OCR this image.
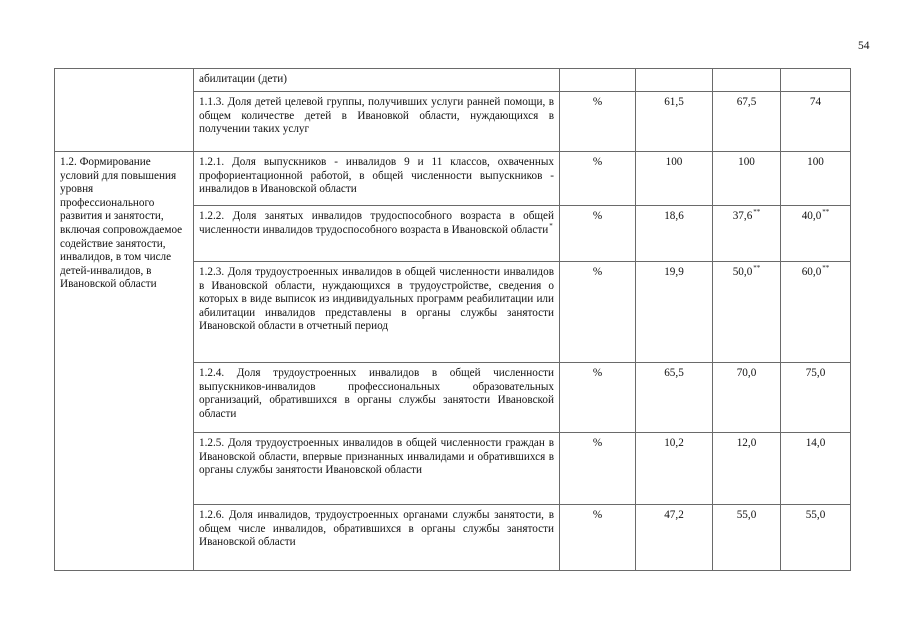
54
	абилитации (дети)				
	1.1.3. Доля детей целевой группы, получивших услуги ранней помощи, в общем количестве детей в Ивановкой области, нуждающихся в получении таких услуг	%	61,5	67,5	74
1.2. Формирование условий для повышения уровня профессионального развития и занятости, включая сопровождаемое содействие занятости, инвалидов, в том числе детей-инвалидов, в Ивановской области	1.2.1. Доля выпускников - инвалидов 9 и 11 классов, охваченных профориентационной работой, в общей численности выпускников - инвалидов в Ивановской области	%	100	100	100
	1.2.2. Доля занятых инвалидов трудоспособного возраста в общей численности инвалидов трудоспособного возраста в Ивановской области*	%	18,6	37,6**	40,0**
	1.2.3. Доля трудоустроенных инвалидов в общей численности инвалидов в Ивановской области, нуждающихся в трудоустройстве, сведения о которых в виде выписок из индивидуальных программ реабилитации или абилитации инвалидов представлены в органы службы занятости Ивановской области в отчетный период	%	19,9	50,0**	60,0**
	1.2.4. Доля трудоустроенных инвалидов в общей численности выпускников-инвалидов профессиональных образовательных организаций, обратившихся в органы службы занятости Ивановской области	%	65,5	70,0	75,0
	1.2.5. Доля трудоустроенных инвалидов в общей численности граждан в Ивановской области, впервые признанных инвалидами и обратившихся в органы службы занятости Ивановской области	%	10,2	12,0	14,0
	1.2.6. Доля инвалидов, трудоустроенных органами службы занятости, в общем числе инвалидов, обратившихся в органы службы занятости Ивановской области	%	47,2	55,0	55,0
